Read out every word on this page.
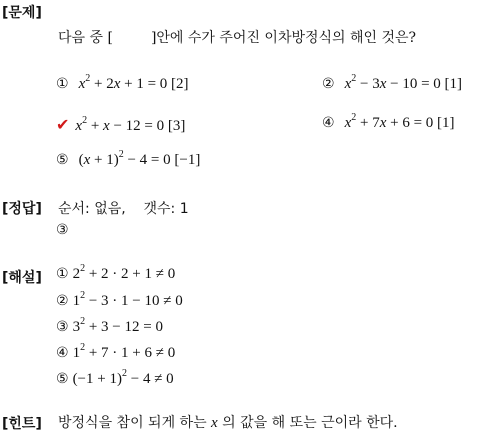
[문제]
다음 중 [	]안에 수가 주어진 이차방정식의 해인 것은?
① $x^2 + 2x + 1 = 0$ [2]	② $x^2 - 3x - 10 = 0$ [1]
✔ $x^2 + x - 12 = 0$ [3]	④ $x^2 + 7x + 6 = 0$ [1]
⑤ $(x + 1)^2 - 4 = 0$ [−1]
[정답] 순서: 없음,    갯수: 1
③
[해설] ① $2^2 + 2 \cdot 2 + 1 \ne 0$
② $1^2 - 3 \cdot 1 - 10 \ne 0$
③ $3^2 + 3 - 12 = 0$
④ $1^2 + 7 \cdot 1 + 6 \ne 0$
⑤ $(-1 + 1)^2 - 4 \ne 0$
[힌트] 방정식을 참이 되게 하는 x 의 값을 해 또는 근이라 한다.
